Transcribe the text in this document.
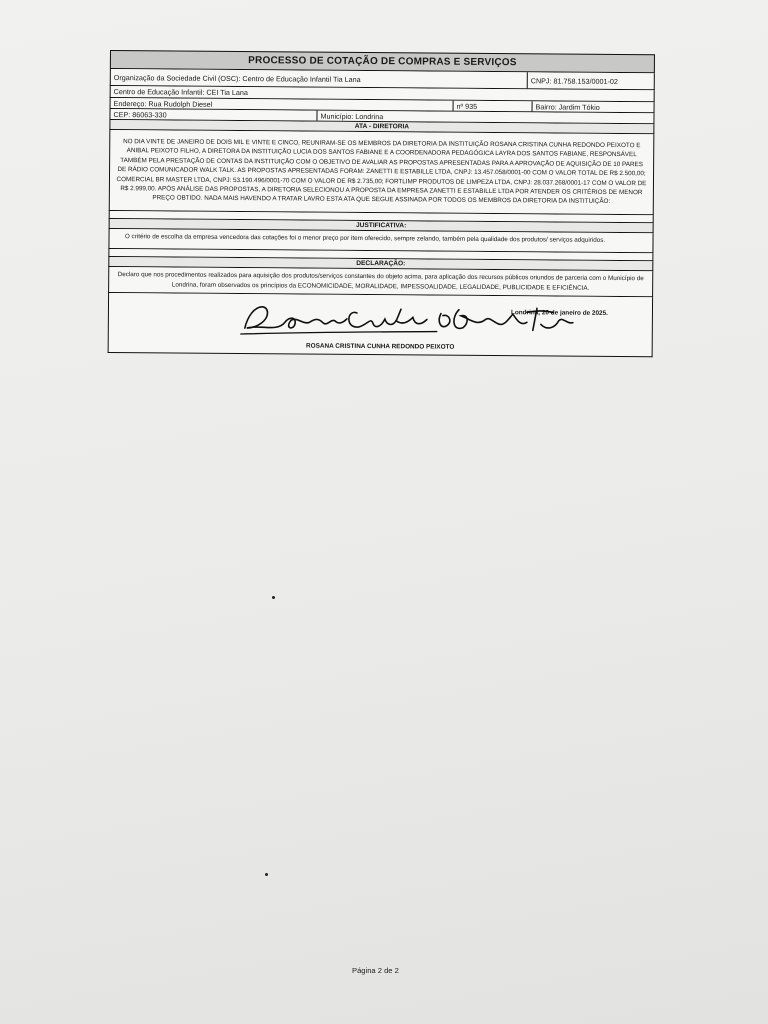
PROCESSO DE COTAÇÃO DE COMPRAS E SERVIÇOS
Organização da Sociedade Civil (OSC): Centro de Educação Infantil Tia Lana	CNPJ: 81.758.153/0001-02
Centro de Educação Infantil: CEI Tia Lana
Endereço: Rua Rudolph Diesel	nº 935	Bairro: Jardim Tókio
CEP: 86063-330	Município: Londrina
ATA - DIRETORIA
NO DIA VINTE DE JANEIRO DE DOIS MIL E VINTE E CINCO, REUNIRAM-SE OS MEMBROS DA DIRETORIA DA INSTITUIÇÃO ROSANA CRISTINA CUNHA REDONDO PEIXOTO E ANIBAL PEIXOTO FILHO, A DIRETORA DA INSTITUIÇÃO LUCIA DOS SANTOS FABIANE E A COORDENADORA PEDAGÓGICA LAYRA DOS SANTOS FABIANE, RESPONSÁVEL TAMBÉM PELA PRESTAÇÃO DE CONTAS DA INSTITUIÇÃO COM O OBJETIVO DE AVALIAR AS PROPOSTAS APRESENTADAS PARA A APROVAÇÃO DE AQUISIÇÃO DE 10 PARES DE RÁDIO COMUNICADOR WALK TALK. AS PROPOSTAS APRESENTADAS FORAM: ZANETTI E ESTABILLE LTDA, CNPJ: 13.457.058/0001-00 COM O VALOR TOTAL DE R$ 2.500,00; COMERCIAL BR MASTER LTDA, CNPJ: 53.190.496/0001-70 COM O VALOR DE R$ 2.735,00; FORTLIMP PRODUTOS DE LIMPEZA LTDA, CNPJ: 28.037.268/0001-17 COM O VALOR DE R$ 2.999,00. APÓS ANÁLISE DAS PROPOSTAS, A DIRETORIA SELECIONOU A PROPOSTA DA EMPRESA ZANETTI E ESTABILLE LTDA POR ATENDER OS CRITÉRIOS DE MENOR PREÇO OBTIDO. NADA MAIS HAVENDO A TRATAR LAVRO ESTA ATA QUE SEGUE ASSINADA POR TODOS OS MEMBROS DA DIRETORIA DA INSTITUIÇÃO:
JUSTIFICATIVA:
O critério de escolha da empresa vencedora das cotações foi o menor preço por item oferecido, sempre zelando, também pela qualidade dos produtos/ serviços adquiridos.
DECLARAÇÃO:
Declaro que nos procedimentos realizados para aquisição dos produtos/serviços constantes do objeto acima, para aplicação dos recursos públicos oriundos de parceria com o Município de Londrina, foram observados os princípios da ECONOMICIDADE, MORALIDADE, IMPESSOALIDADE, LEGALIDADE, PUBLICIDADE E EFICIÊNCIA.
Londrina, 20 de janeiro de 2025.
ROSANA CRISTINA CUNHA REDONDO PEIXOTO
Página 2 de 2
